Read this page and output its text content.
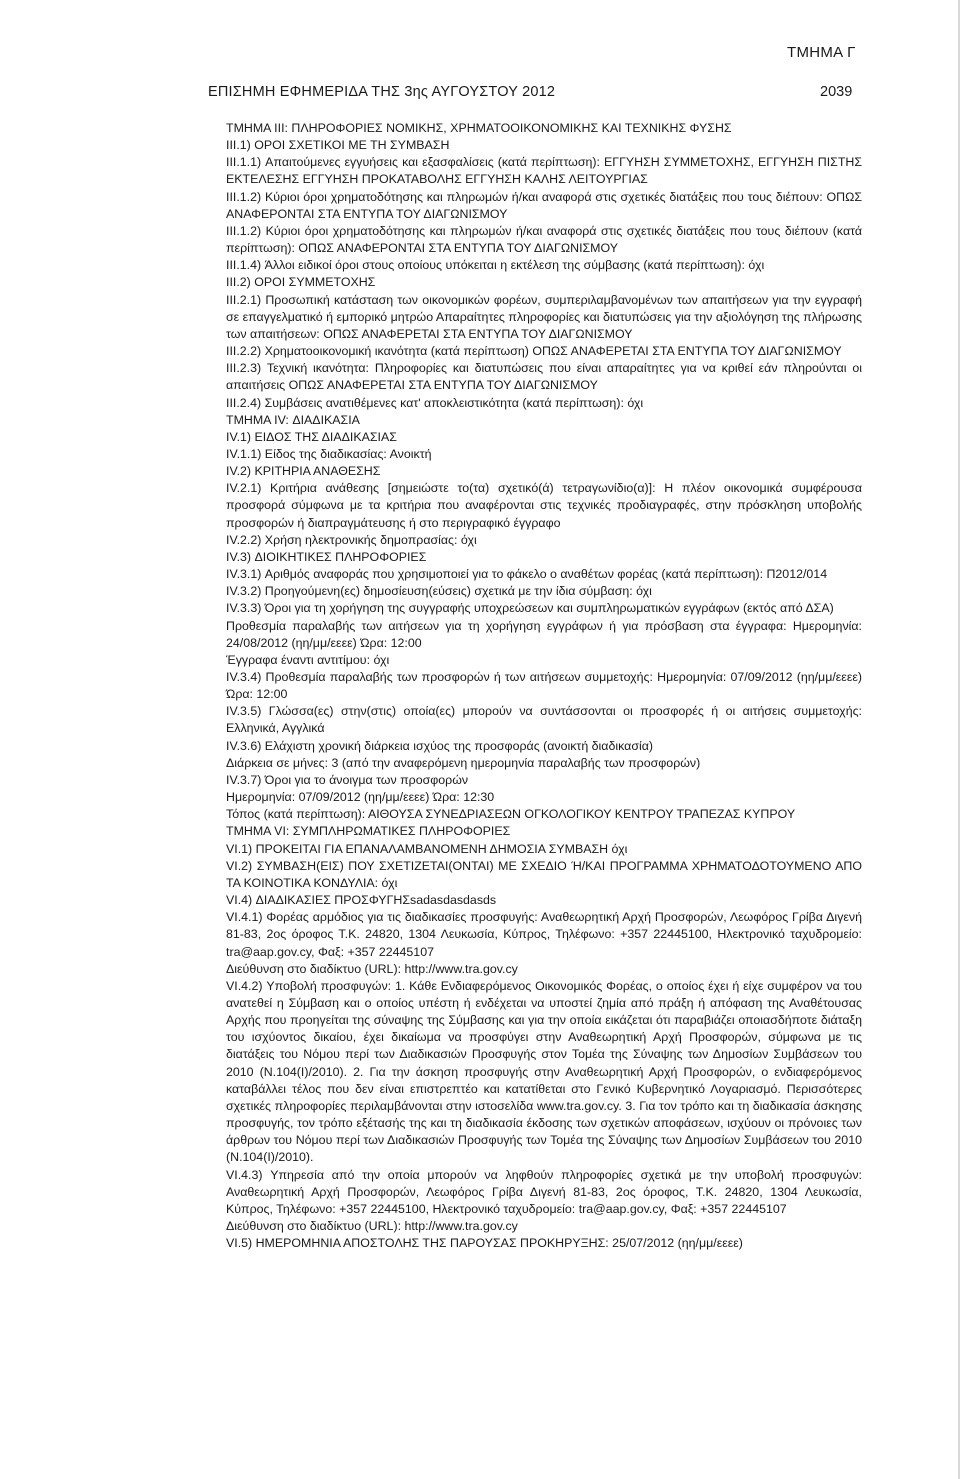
ΤΜΗΜΑ Γ
ΕΠΙΣΗΜΗ ΕΦΗΜΕΡΙΔΑ ΤΗΣ 3ης ΑΥΓΟΥΣΤΟΥ 2012	2039

ΤΜΗΜΑ III: ΠΛΗΡΟΦΟΡΙΕΣ ΝΟΜΙΚΗΣ, ΧΡΗΜΑΤΟΟΙΚΟΝΟΜΙΚΗΣ ΚΑΙ ΤΕΧΝΙΚΗΣ ΦΥΣΗΣ

III.1) ΟΡΟΙ ΣΧΕΤΙΚΟΙ ΜΕ ΤΗ ΣΥΜΒΑΣΗ

III.1.1) Απαιτούμενες εγγυήσεις και εξασφαλίσεις (κατά περίπτωση): ΕΓΓΥΗΣΗ ΣΥΜΜΕΤΟΧΗΣ, ΕΓΓΥΗΣΗ ΠΙΣΤΗΣ ΕΚΤΕΛΕΣΗΣ ΕΓΓΥΗΣΗ ΠΡΟΚΑΤΑΒΟΛΗΣ ΕΓΓΥΗΣΗ ΚΑΛΗΣ ΛΕΙΤΟΥΡΓΙΑΣ

III.1.2) Κύριοι όροι χρηματοδότησης και πληρωμών ή/και αναφορά στις σχετικές διατάξεις που τους διέπουν: ΟΠΩΣ ΑΝΑΦΕΡΟΝΤΑΙ ΣΤΑ ΕΝΤΥΠΑ ΤΟΥ ΔΙΑΓΩΝΙΣΜΟΥ

III.1.2) Κύριοι όροι χρηματοδότησης και πληρωμών ή/και αναφορά στις σχετικές διατάξεις που τους διέπουν (κατά περίπτωση): ΟΠΩΣ ΑΝΑΦΕΡΟΝΤΑΙ ΣΤΑ ΕΝΤΥΠΑ ΤΟΥ ΔΙΑΓΩΝΙΣΜΟΥ

III.1.4) Άλλοι ειδικοί όροι στους οποίους υπόκειται η εκτέλεση της σύμβασης (κατά περίπτωση): όχι

III.2) ΟΡΟΙ ΣΥΜΜΕΤΟΧΗΣ

III.2.1) Προσωπική κατάσταση των οικονομικών φορέων, συμπεριλαμβανομένων των απαιτήσεων για την εγγραφή σε επαγγελματικό ή εμπορικό μητρώο Απαραίτητες πληροφορίες και διατυπώσεις για την αξιολόγηση της πλήρωσης των απαιτήσεων: ΟΠΩΣ ΑΝΑΦΕΡΕΤΑΙ ΣΤΑ ΕΝΤΥΠΑ ΤΟΥ ΔΙΑΓΩΝΙΣΜΟΥ

III.2.2) Χρηματοοικονομική ικανότητα (κατά περίπτωση) ΟΠΩΣ ΑΝΑΦΕΡΕΤΑΙ ΣΤΑ ΕΝΤΥΠΑ ΤΟΥ ΔΙΑΓΩΝΙΣΜΟΥ

III.2.3) Τεχνική ικανότητα: Πληροφορίες και διατυπώσεις που είναι απαραίτητες για να κριθεί εάν πληρούνται οι απαιτήσεις ΟΠΩΣ ΑΝΑΦΕΡΕΤΑΙ ΣΤΑ ΕΝΤΥΠΑ ΤΟΥ ΔΙΑΓΩΝΙΣΜΟΥ

III.2.4) Συμβάσεις ανατιθέμενες κατ' αποκλειστικότητα (κατά περίπτωση): όχι

ΤΜΗΜΑ IV: ΔΙΑΔΙΚΑΣΙΑ

IV.1) ΕΙΔΟΣ ΤΗΣ ΔΙΑΔΙΚΑΣΙΑΣ

IV.1.1) Είδος της διαδικασίας: Ανοικτή

IV.2) ΚΡΙΤΗΡΙΑ ΑΝΑΘΕΣΗΣ

IV.2.1) Κριτήρια ανάθεσης [σημειώστε το(τα) σχετικό(ά) τετραγωνίδιο(α)]: Η πλέον οικονομικά συμφέρουσα προσφορά σύμφωνα με τα κριτήρια που αναφέρονται στις τεχνικές προδιαγραφές, στην πρόσκληση υποβολής προσφορών ή διαπραγμάτευσης ή στο περιγραφικό έγγραφο

IV.2.2) Χρήση ηλεκτρονικής δημοπρασίας: όχι

IV.3) ΔΙΟΙΚΗΤΙΚΕΣ ΠΛΗΡΟΦΟΡΙΕΣ

IV.3.1) Αριθμός αναφοράς που χρησιμοποιεί για το φάκελο ο αναθέτων φορέας (κατά περίπτωση): Π2012/014

IV.3.2) Προηγούμενη(ες) δημοσίευση(εύσεις) σχετικά με την ίδια σύμβαση: όχι

IV.3.3) Όροι για τη χορήγηση της συγγραφής υποχρεώσεων και συμπληρωματικών εγγράφων (εκτός από ΔΣΑ)

Προθεσμία παραλαβής των αιτήσεων για τη χορήγηση εγγράφων ή για πρόσβαση στα έγγραφα: Ημερομηνία: 24/08/2012 (ηη/μμ/εεεε) Ώρα: 12:00

Έγγραφα έναντι αντιτίμου: όχι

IV.3.4) Προθεσμία παραλαβής των προσφορών ή των αιτήσεων συμμετοχής: Ημερομηνία: 07/09/2012 (ηη/μμ/εεεε) Ώρα: 12:00

IV.3.5) Γλώσσα(ες) στην(στις) οποία(ες) μπορούν να συντάσσονται οι προσφορές ή οι αιτήσεις συμμετοχής: Ελληνικά, Αγγλικά

IV.3.6) Ελάχιστη χρονική διάρκεια ισχύος της προσφοράς (ανοικτή διαδικασία)

Διάρκεια σε μήνες: 3 (από την αναφερόμενη ημερομηνία παραλαβής των προσφορών)

IV.3.7) Όροι για το άνοιγμα των προσφορών

Ημερομηνία: 07/09/2012 (ηη/μμ/εεεε) Ώρα: 12:30

Τόπος (κατά περίπτωση): ΑΙΘΟΥΣΑ ΣΥΝΕΔΡΙΑΣΕΩΝ ΟΓΚΟΛΟΓΙΚΟΥ ΚΕΝΤΡΟΥ ΤΡΑΠΕΖΑΣ ΚΥΠΡΟΥ

ΤΜΗΜΑ VI: ΣΥΜΠΛΗΡΩΜΑΤΙΚΕΣ ΠΛΗΡΟΦΟΡΙΕΣ

VI.1) ΠΡΟΚΕΙΤΑΙ ΓΙΑ ΕΠΑΝΑΛΑΜΒΑΝΟΜΕΝΗ ΔΗΜΟΣΙΑ ΣΥΜΒΑΣΗ όχι

VI.2) ΣΥΜΒΑΣΗ(ΕΙΣ) ΠΟΥ ΣΧΕΤΙΖΕΤΑΙ(ΟΝΤΑΙ) ΜΕ ΣΧΕΔΙΟ Ή/ΚΑΙ ΠΡΟΓΡΑΜΜΑ ΧΡΗΜΑΤΟΔΟΤΟΥΜΕΝΟ ΑΠΟ ΤΑ ΚΟΙΝΟΤΙΚΑ ΚΟΝΔΥΛΙΑ: όχι

VI.4) ΔΙΑΔΙΚΑΣΙΕΣ ΠΡΟΣΦΥΓΗΣsadasdasdasds

VI.4.1) Φορέας αρμόδιος για τις διαδικασίες προσφυγής: Αναθεωρητική Αρχή Προσφορών, Λεωφόρος Γρίβα Διγενή 81-83, 2ος όροφος Τ.Κ. 24820, 1304 Λευκωσία, Κύπρος, Τηλέφωνο: +357 22445100, Ηλεκτρονικό ταχυδρομείο: tra@aap.gov.cy, Φαξ: +357 22445107

Διεύθυνση στο διαδίκτυο (URL): http://www.tra.gov.cy

VI.4.2) Υποβολή προσφυγών: 1. Κάθε Ενδιαφερόμενος Οικονομικός Φορέας, ο οποίος έχει ή είχε συμφέρον να του ανατεθεί η Σύμβαση και ο οποίος υπέστη ή ενδέχεται να υποστεί ζημία από πράξη ή απόφαση της Αναθέτουσας Αρχής που προηγείται της σύναψης της Σύμβασης και για την οποία εικάζεται ότι παραβιάζει οποιασδήποτε διάταξη του ισχύοντος δικαίου, έχει δικαίωμα να προσφύγει στην Αναθεωρητική Αρχή Προσφορών, σύμφωνα με τις διατάξεις του Νόμου περί των Διαδικασιών Προσφυγής στον Τομέα της Σύναψης των Δημοσίων Συμβάσεων του 2010 (Ν.104(Ι)/2010). 2. Για την άσκηση προσφυγής στην Αναθεωρητική Αρχή Προσφορών, ο ενδιαφερόμενος καταβάλλει τέλος που δεν είναι επιστρεπτέο και κατατίθεται στο Γενικό Κυβερνητικό Λογαριασμό. Περισσότερες σχετικές πληροφορίες περιλαμβάνονται στην ιστοσελίδα www.tra.gov.cy. 3. Για τον τρόπο και τη διαδικασία άσκησης προσφυγής, τον τρόπο εξέτασής της και τη διαδικασία έκδοσης των σχετικών αποφάσεων, ισχύουν οι πρόνοιες των άρθρων του Νόμου περί των Διαδικασιών Προσφυγής των Τομέα της Σύναψης των Δημοσίων Συμβάσεων του 2010 (Ν.104(Ι)/2010).

VI.4.3) Υπηρεσία από την οποία μπορούν να ληφθούν πληροφορίες σχετικά με την υποβολή προσφυγών: Αναθεωρητική Αρχή Προσφορών, Λεωφόρος Γρίβα Διγενή 81-83, 2ος όροφος, Τ.Κ. 24820, 1304 Λευκωσία, Κύπρος, Τηλέφωνο: +357 22445100, Ηλεκτρονικό ταχυδρομείο: tra@aap.gov.cy, Φαξ: +357 22445107

Διεύθυνση στο διαδίκτυο (URL): http://www.tra.gov.cy

VI.5) ΗΜΕΡΟΜΗΝΙΑ ΑΠΟΣΤΟΛΗΣ ΤΗΣ ΠΑΡΟΥΣΑΣ ΠΡΟΚΗΡΥΞΗΣ: 25/07/2012 (ηη/μμ/εεεε)
